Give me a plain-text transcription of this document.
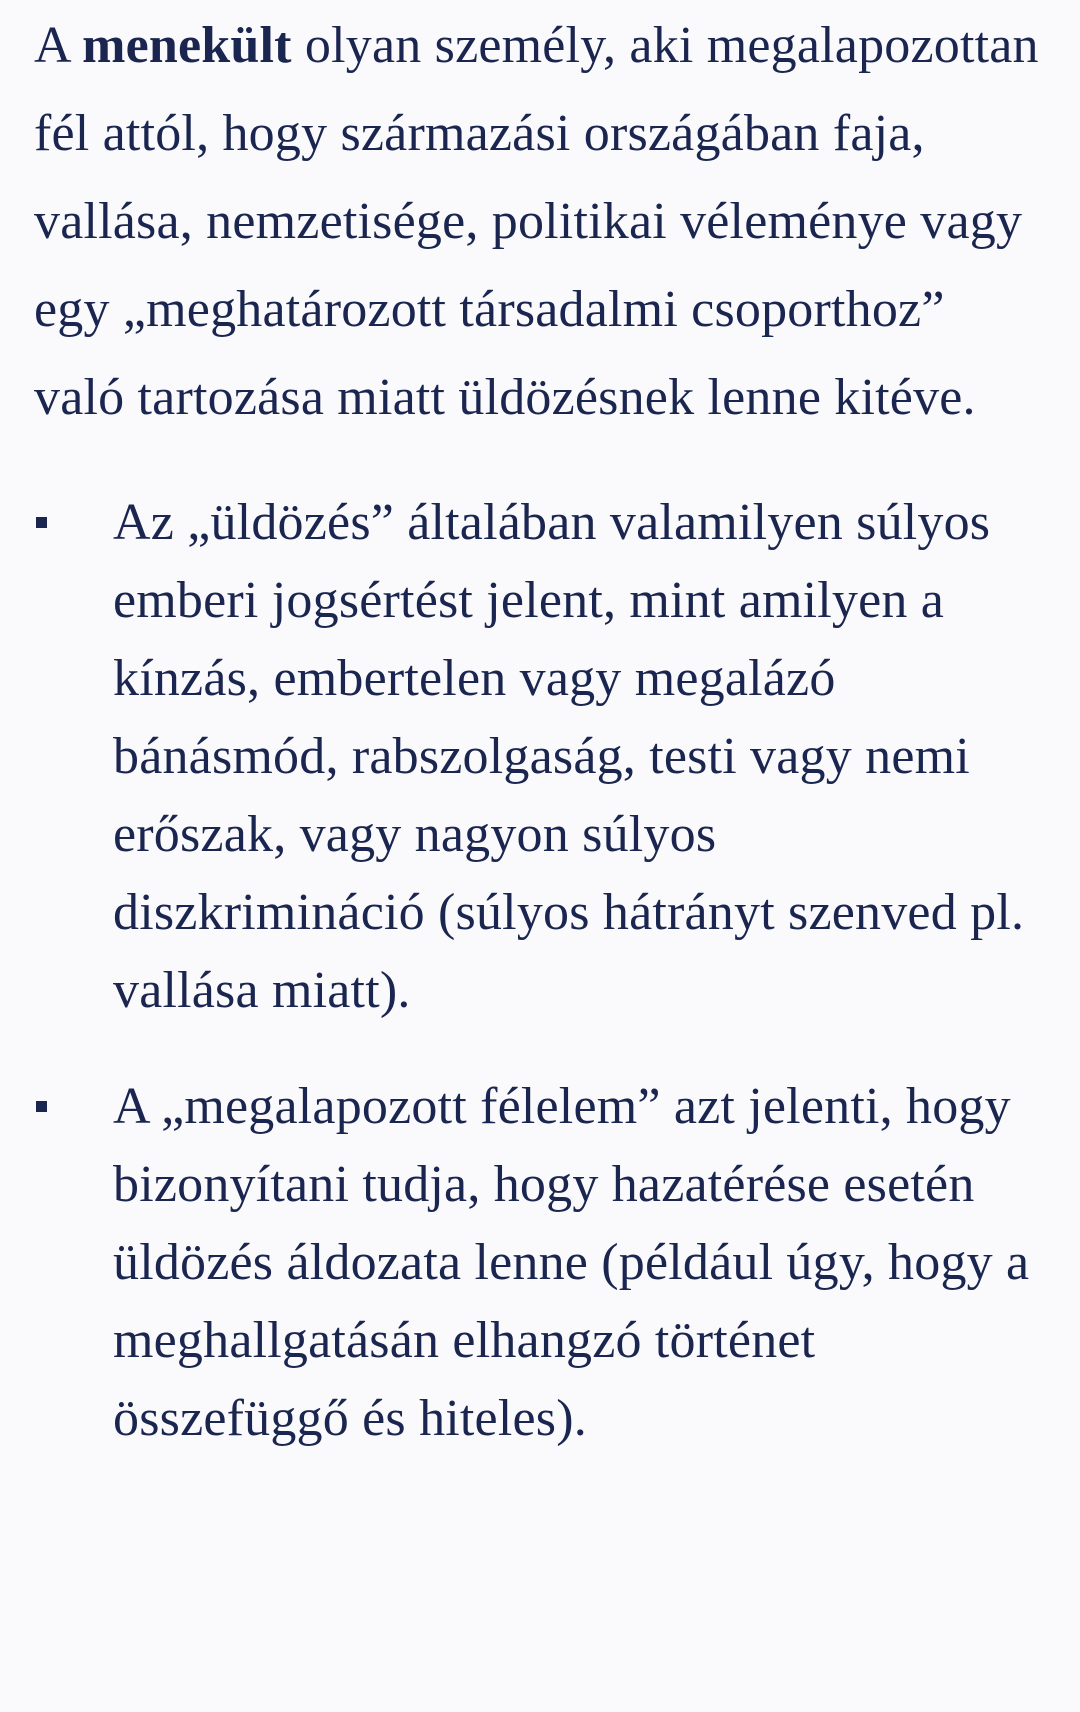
A menekült olyan személy, aki megalapozottan fél attól, hogy származási országában faja, vallása, nemzetisége, politikai véleménye vagy egy „meghatározott társadalmi csoporthoz” való tartozása miatt üldözésnek lenne kitéve.

Az „üldözés” általában valamilyen súlyos emberi jogsértést jelent, mint amilyen a kínzás, embertelen vagy megalázó bánásmód, rabszolgaság, testi vagy nemi erőszak, vagy nagyon súlyos diszkrimináció (súlyos hátrányt szenved pl. vallása miatt).
A „megalapozott félelem” azt jelenti, hogy bizonyítani tudja, hogy hazatérése esetén üldözés áldozata lenne (például úgy, hogy a meghallgatásán elhangzó történet összefüggő és hiteles).
